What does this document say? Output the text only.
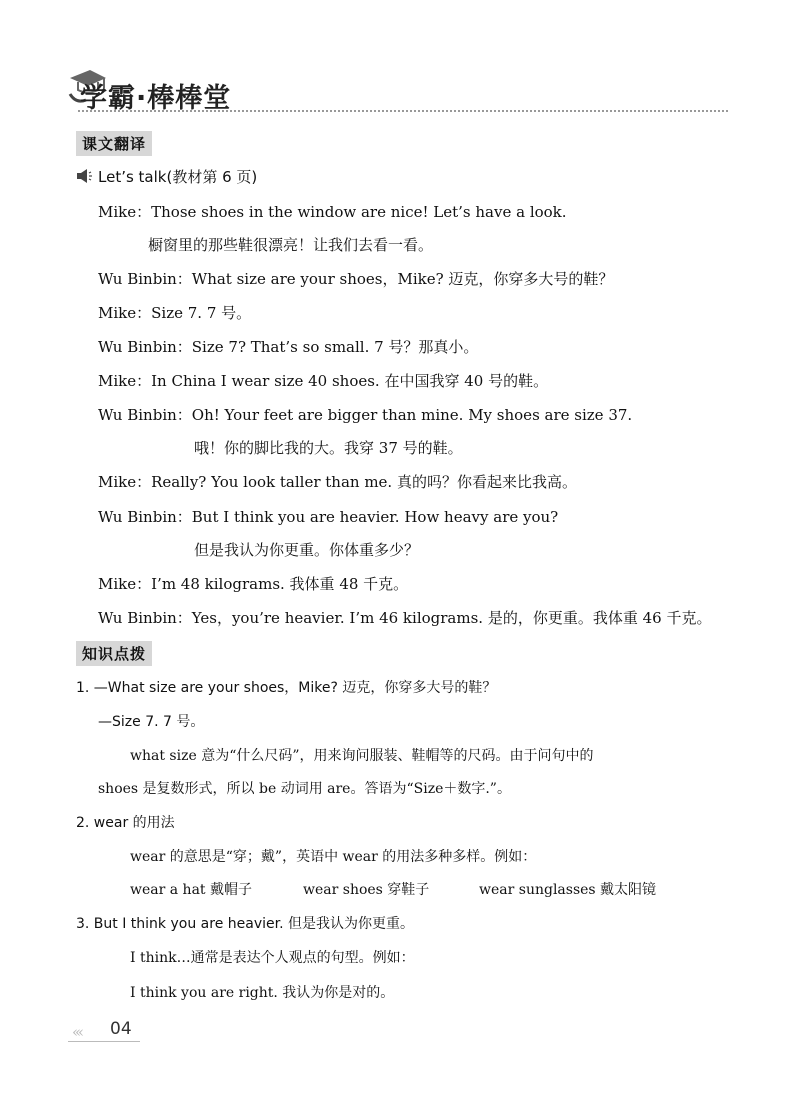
学霸·棒棒堂
课文翻译
Let’s talk(教材第 6 页)
Mike：Those shoes in the window are nice! Let’s have a look.
橱窗里的那些鞋很漂亮！让我们去看一看。
Wu Binbin：What size are your shoes，Mike? 迈克，你穿多大号的鞋？
Mike：Size 7. 7 号。
Wu Binbin：Size 7? That’s so small. 7 号？那真小。
Mike：In China I wear size 40 shoes. 在中国我穿 40 号的鞋。
Wu Binbin：Oh! Your feet are bigger than mine. My shoes are size 37.
哦！你的脚比我的大。我穿 37 号的鞋。
Mike：Really? You look taller than me. 真的吗？你看起来比我高。
Wu Binbin：But I think you are heavier. How heavy are you?
但是我认为你更重。你体重多少？
Mike：I’m 48 kilograms. 我体重 48 千克。
Wu Binbin：Yes，you’re heavier. I’m 46 kilograms. 是的，你更重。我体重 46 千克。
知识点拨
1. —What size are your shoes，Mike? 迈克，你穿多大号的鞋？
—Size 7. 7 号。
what size 意为“什么尺码”，用来询问服装、鞋帽等的尺码。由于问句中的
shoes 是复数形式，所以 be 动词用 are。答语为“Size＋数字.”。
2. wear 的用法
wear 的意思是“穿；戴”，英语中 wear 的用法多种多样。例如：
wear a hat 戴帽子	wear shoes 穿鞋子	wear sunglasses 戴太阳镜
3. But I think you are heavier. 但是我认为你更重。
I think…通常是表达个人观点的句型。例如：
I think you are right. 我认为你是对的。
‹‹‹ 04
